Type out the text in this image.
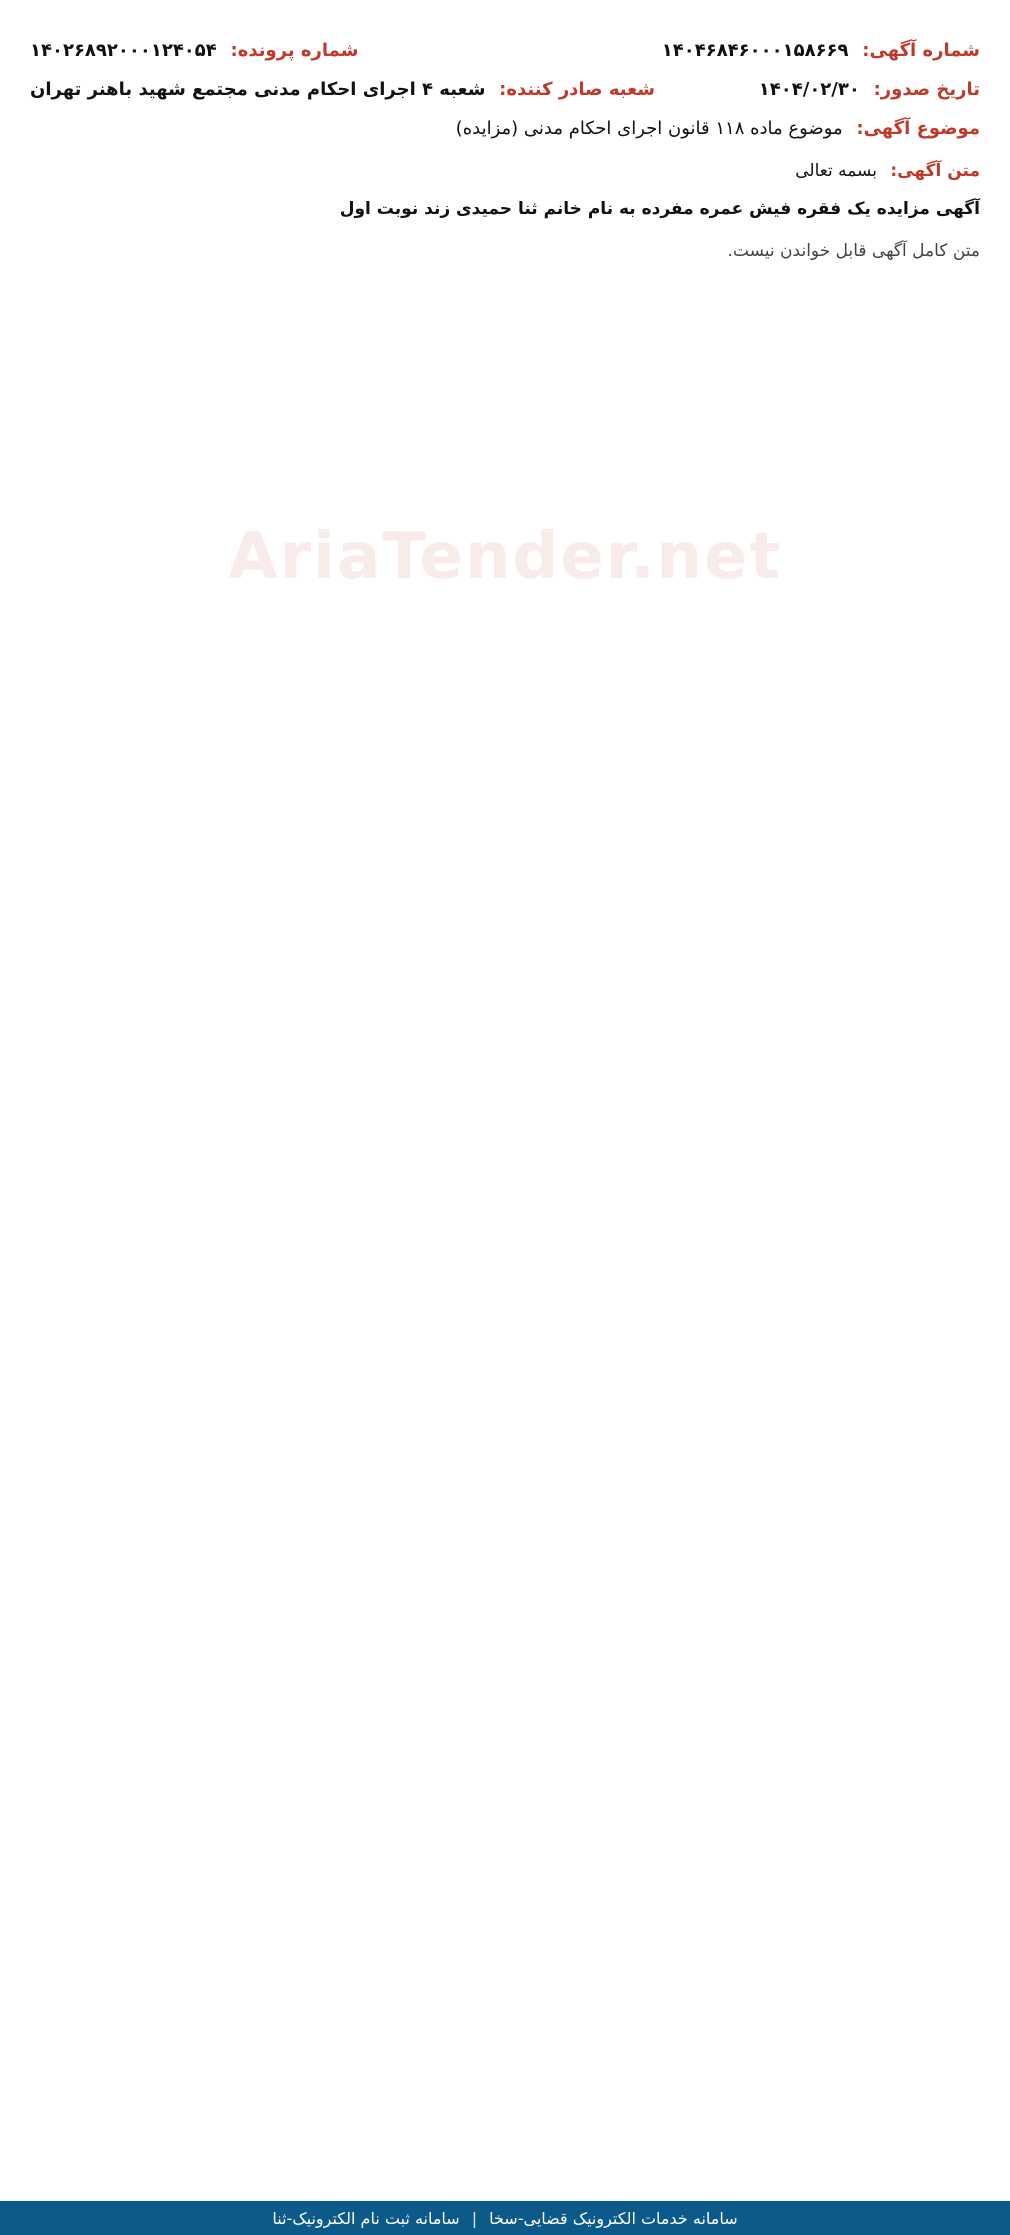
AriaTender.net
شماره آگهی: ۱۴۰۴۶۸۴۶۰۰۰۱۵۸۶۶۹
شماره پرونده: ۱۴۰۲۶۸۹۲۰۰۰۱۲۴۰۵۴
تاریخ صدور: ۱۴۰۴/۰۲/۳۰
شعبه صادر کننده: شعبه ۴ اجرای احکام مدنی مجتمع شهید باهنر تهران
موضوع آگهی: موضوع ماده ۱۱۸ قانون اجرای احکام مدنی (مزایده)
متن آگهی: بسمه تعالی
آگهی مزایده یک فقره فیش عمره مفرده به نام خانم ثنا حمیدی زند نوبت اول
متن کامل آگهی قابل خواندن نیست.
سامانه خدمات الکترونیک قضایی-سخا
|
سامانه ثبت نام الکترونیک-ثنا
